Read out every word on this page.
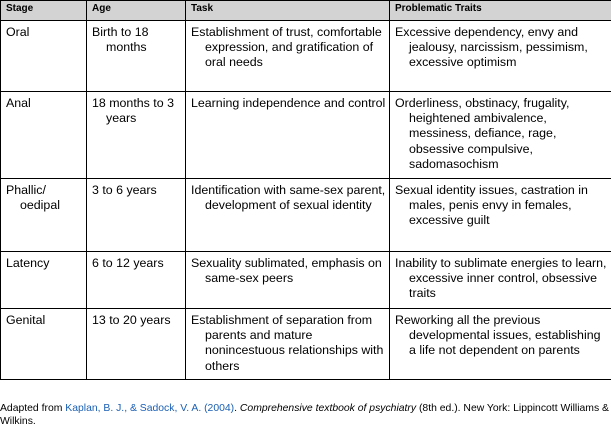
Stage	Age	Task	Problematic Traits

Oral	Birth to 18 months	Establishment of trust, comfortable expression, and gratification of oral needs	Excessive dependency, envy and jealousy, narcissism, pessimism, excessive optimism

Anal	18 months to 3 years	Learning independence and control	Orderliness, obstinacy, frugality, heightened ambivalence, messiness, defiance, rage, obsessive compulsive, sadomasochism

Phallic/ oedipal	3 to 6 years	Identification with same-sex parent, development of sexual identity	Sexual identity issues, castration in males, penis envy in females, excessive guilt

Latency	6 to 12 years	Sexuality sublimated, emphasis on same-sex peers	Inability to sublimate energies to learn, excessive inner control, obsessive traits

Genital	13 to 20 years	Establishment of separation from parents and mature nonincestuous relationships with others	Reworking all the previous developmental issues, establishing a life not dependent on parents
Adapted from Kaplan, B. J., & Sadock, V. A. (2004). Comprehensive textbook of psychiatry (8th ed.). New York: Lippincott Williams & Wilkins.
